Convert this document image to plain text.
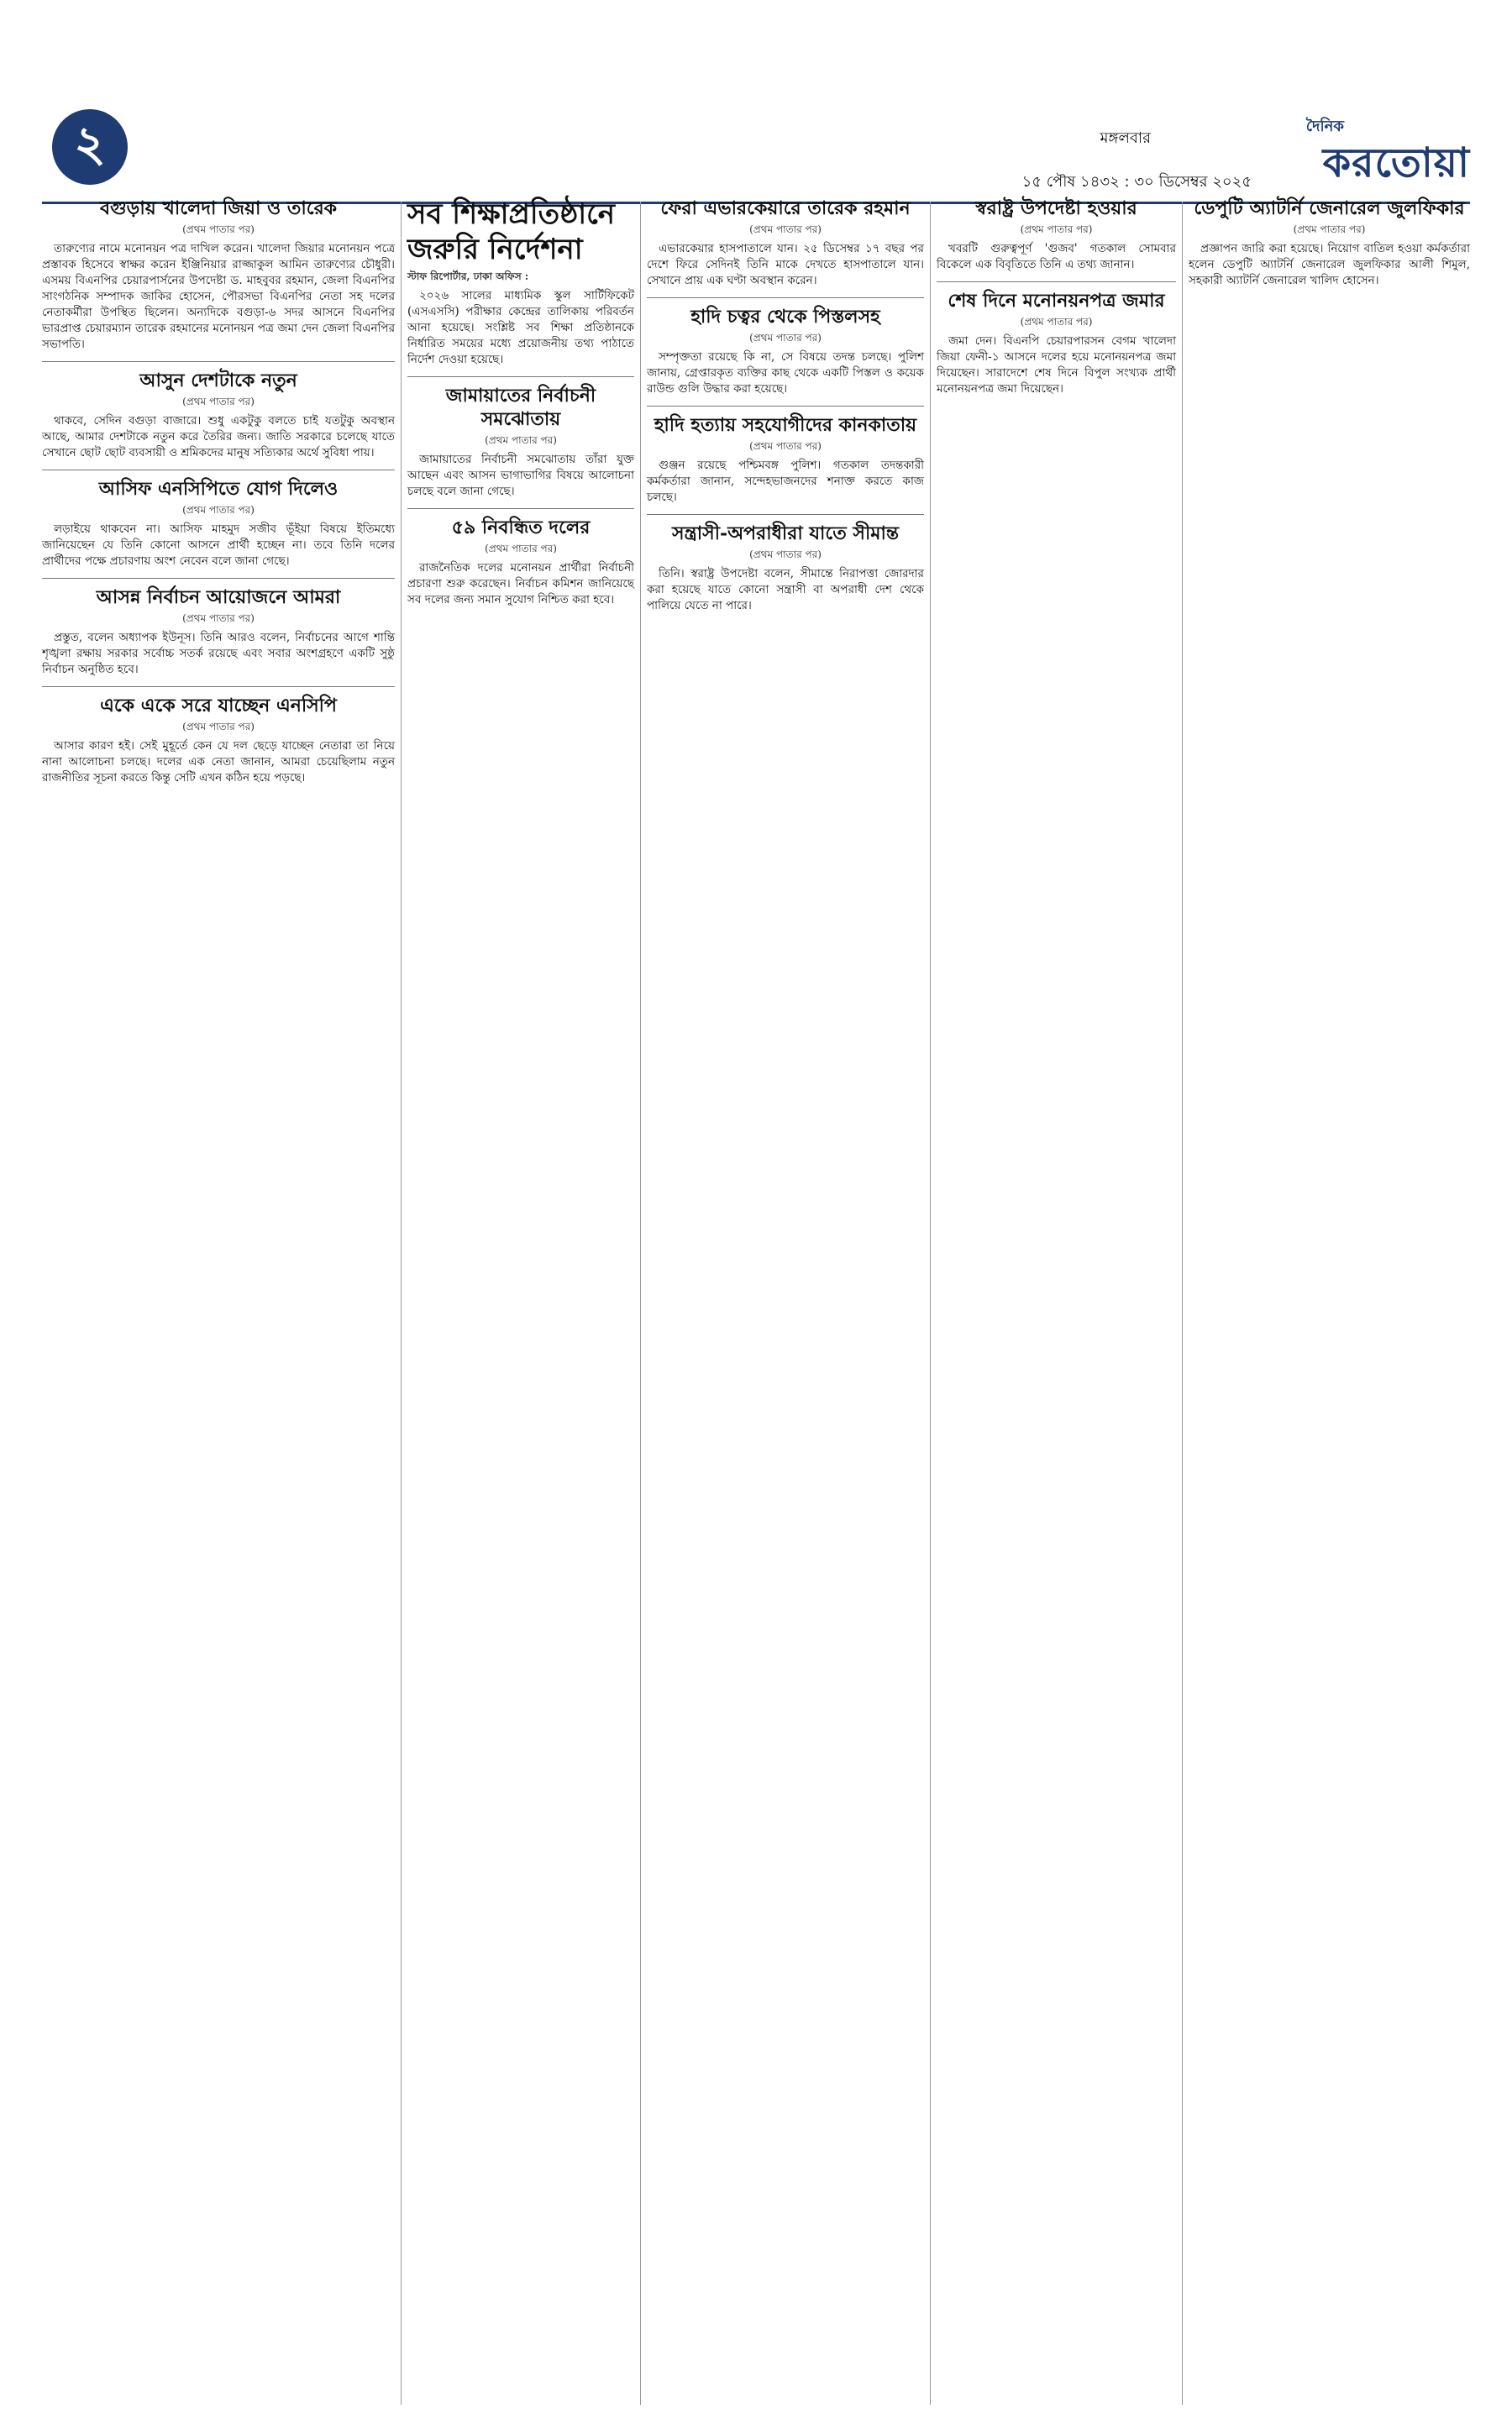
২	মঙ্গলবার
১৫ পৌষ ১৪৩২ : ৩০ ডিসেম্বর ২০২৫
দৈনিক
করতোয়া
বগুড়ায় খালেদা জিয়া ও তারেক
(প্রথম পাতার পর)

তারুণ্যের নামে মনোনয়ন পত্র দাখিল করেন। খালেদা জিয়ার মনোনয়ন পত্রে প্রস্তাবক হিসেবে স্বাক্ষর করেন ইঞ্জিনিয়ার রাজ্জাকুল আমিন তারুণ্যের চৌধুরী। এসময় বিএনপির চেয়ারপার্সনের উপদেষ্টা ড. মাহবুবর রহমান, জেলা বিএনপির সাংগঠনিক সম্পাদক জাকির হোসেন, পৌরসভা বিএনপির নেতা সহ দলের নেতাকর্মীরা উপস্থিত ছিলেন। অন্যদিকে বগুড়া-৬ সদর আসনে বিএনপির ভারপ্রাপ্ত চেয়ারম্যান তারেক রহমানের মনোনয়ন পত্র জমা দেন জেলা বিএনপির সভাপতি।

আসুন দেশটাকে নতুন
(প্রথম পাতার পর)

থাকবে, সেদিন বগুড়া বাজারে। শুধু একটুকু বলতে চাই যতটুকু অবস্থান আছে, আমার দেশটাকে নতুন করে তৈরির জন্য। জাতি সরকারে চলেছে যাতে সেখানে ছোট ছোট ব্যবসায়ী ও শ্রমিকদের মানুষ সত্যিকার অর্থে সুবিধা পায়।

আসিফ এনসিপিতে যোগ দিলেও
(প্রথম পাতার পর)

লড়াইয়ে থাকবেন না। আসিফ মাহমুদ সজীব ভূঁইয়া বিষয়ে ইতিমধ্যে জানিয়েছেন যে তিনি কোনো আসনে প্রার্থী হচ্ছেন না। তবে তিনি দলের প্রার্থীদের পক্ষে প্রচারণায় অংশ নেবেন বলে জানা গেছে।

আসন্ন নির্বাচন আয়োজনে আমরা
(প্রথম পাতার পর)

প্রস্তুত, বলেন অধ্যাপক ইউনূস। তিনি আরও বলেন, নির্বাচনের আগে শান্তি শৃঙ্খলা রক্ষায় সরকার সর্বোচ্চ সতর্ক রয়েছে এবং সবার অংশগ্রহণে একটি সুষ্ঠু নির্বাচন অনুষ্ঠিত হবে।

একে একে সরে যাচ্ছেন এনসিপি
(প্রথম পাতার পর)

আসার কারণ হই। সেই মুহূর্তে কেন যে দল ছেড়ে যাচ্ছেন নেতারা তা নিয়ে নানা আলোচনা চলছে। দলের এক নেতা জানান, আমরা চেয়েছিলাম নতুন রাজনীতির সূচনা করতে কিন্তু সেটি এখন কঠিন হয়ে পড়ছে।

সব শিক্ষাপ্রতিষ্ঠানে জরুরি নির্দেশনা
স্টাফ রিপোর্টার, ঢাকা অফিস :

২০২৬ সালের মাধ্যমিক স্কুল সার্টিফিকেট (এসএসসি) পরীক্ষার কেন্দ্রের তালিকায় পরিবর্তন আনা হয়েছে। সংশ্লিষ্ট সব শিক্ষা প্রতিষ্ঠানকে নির্ধারিত সময়ের মধ্যে প্রয়োজনীয় তথ্য পাঠাতে নির্দেশ দেওয়া হয়েছে।

জামায়াতের নির্বাচনী সমঝোতায়
(প্রথম পাতার পর)

জামায়াতের নির্বাচনী সমঝোতায় তাঁরা যুক্ত আছেন এবং আসন ভাগাভাগির বিষয়ে আলোচনা চলছে বলে জানা গেছে।

৫৯ নিবন্ধিত দলের
(প্রথম পাতার পর)

রাজনৈতিক দলের মনোনয়ন প্রার্থীরা নির্বাচনী প্রচারণা শুরু করেছেন। নির্বাচন কমিশন জানিয়েছে সব দলের জন্য সমান সুযোগ নিশ্চিত করা হবে।

ফেরা এভারকেয়ারে তারেক রহমান
(প্রথম পাতার পর)

এভারকেয়ার হাসপাতালে যান। ২৫ ডিসেম্বর ১৭ বছর পর দেশে ফিরে সেদিনই তিনি মাকে দেখতে হাসপাতালে যান। সেখানে প্রায় এক ঘণ্টা অবস্থান করেন।

হাদি চত্বর থেকে পিস্তলসহ
(প্রথম পাতার পর)

সম্পৃক্ততা রয়েছে কি না, সে বিষয়ে তদন্ত চলছে। পুলিশ জানায়, গ্রেপ্তারকৃত ব্যক্তির কাছ থেকে একটি পিস্তল ও কয়েক রাউন্ড গুলি উদ্ধার করা হয়েছে।

হাদি হত্যায় সহযোগীদের কানকাতায়
(প্রথম পাতার পর)

গুঞ্জন রয়েছে পশ্চিমবঙ্গ পুলিশ। গতকাল তদন্তকারী কর্মকর্তারা জানান, সন্দেহভাজনদের শনাক্ত করতে কাজ চলছে।

সন্ত্রাসী-অপরাধীরা যাতে সীমান্ত
(প্রথম পাতার পর)

তিনি। স্বরাষ্ট্র উপদেষ্টা বলেন, সীমান্তে নিরাপত্তা জোরদার করা হয়েছে যাতে কোনো সন্ত্রাসী বা অপরাধী দেশ থেকে পালিয়ে যেতে না পারে।

স্বরাষ্ট্র উপদেষ্টা হওয়ার
(প্রথম পাতার পর)

খবরটি গুরুত্বপূর্ণ 'গুজব' গতকাল সোমবার বিকেলে এক বিবৃতিতে তিনি এ তথ্য জানান।

শেষ দিনে মনোনয়নপত্র জমার
(প্রথম পাতার পর)

জমা দেন। বিএনপি চেয়ারপারসন বেগম খালেদা জিয়া ফেনী-১ আসনে দলের হয়ে মনোনয়নপত্র জমা দিয়েছেন। সারাদেশে শেষ দিনে বিপুল সংখ্যক প্রার্থী মনোনয়নপত্র জমা দিয়েছেন।

ডেপুটি অ্যাটর্নি জেনারেল জুলফিকার
(প্রথম পাতার পর)

প্রজ্ঞাপন জারি করা হয়েছে। নিয়োগ বাতিল হওয়া কর্মকর্তারা হলেন ডেপুটি অ্যাটর্নি জেনারেল জুলফিকার আলী শিমুল, সহকারী অ্যাটর্নি জেনারেল খালিদ হোসেন।
